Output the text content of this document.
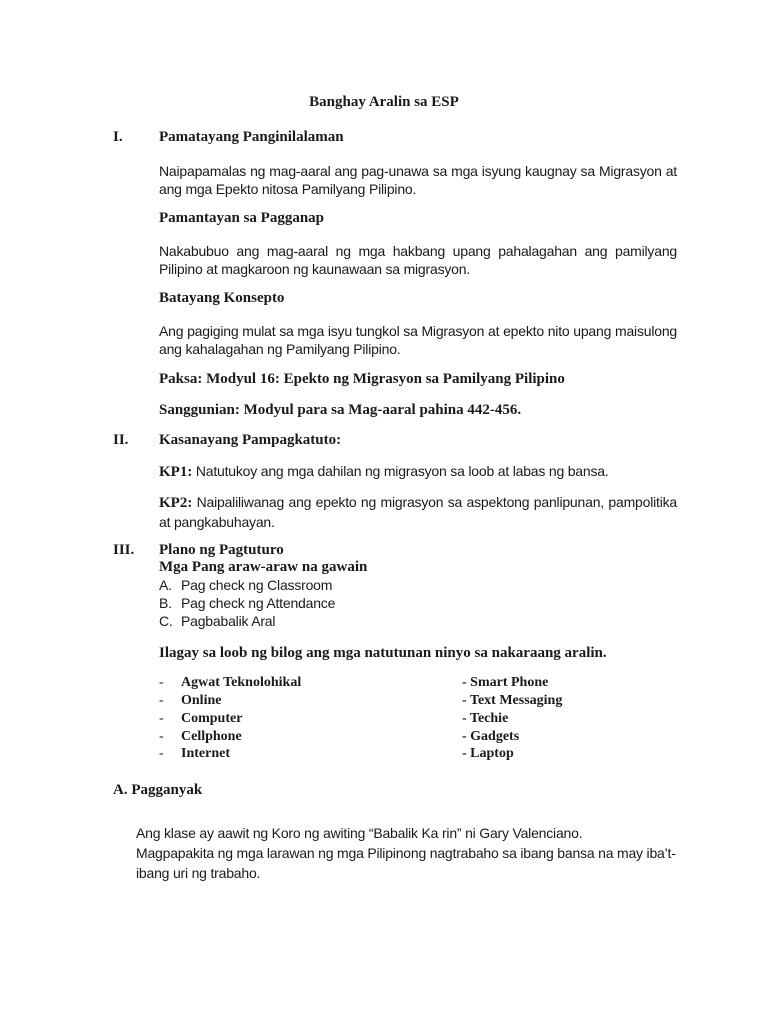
Banghay Aralin sa ESP
I. Pamatayang Panginilalaman
Naipapamalas ng mag-aaral ang pag-unawa sa mga isyung kaugnay sa Migrasyon at ang mga Epekto nitosa Pamilyang Pilipino.
Pamantayan sa Pagganap
Nakabubuo ang mag-aaral ng mga hakbang upang pahalagahan ang pamilyang Pilipino at magkaroon ng kaunawaan sa migrasyon.
Batayang Konsepto
Ang pagiging mulat sa mga isyu tungkol sa Migrasyon at epekto nito upang maisulong ang kahalagahan ng Pamilyang Pilipino.
Paksa: Modyul 16: Epekto ng Migrasyon sa Pamilyang Pilipino
Sanggunian: Modyul para sa Mag-aaral pahina 442-456.
II. Kasanayang Pampagkatuto:
KP1: Natutukoy ang mga dahilan ng migrasyon sa loob at labas ng bansa.
KP2: Naipaliliwanag ang epekto ng migrasyon sa aspektong panlipunan, pampolitika at pangkabuhayan.
III. Plano ng Pagtuturo
Mga Pang araw-araw na gawain
A. Pag check ng Classroom
B. Pag check ng Attendance
C. Pagbabalik Aral
Ilagay sa loob ng bilog ang mga natutunan ninyo sa nakaraang aralin.
- Agwat Teknolohikal
- Online
- Computer
- Cellphone
- Internet
- Smart Phone
- Text Messaging
- Techie
- Gadgets
- Laptop
A. Pagganyak
Ang klase ay aawit ng Koro ng awiting “Babalik Ka rin” ni Gary Valenciano.
Magpapakita ng mga larawan ng mga Pilipinong nagtrabaho sa ibang bansa na may iba’t-
ibang uri ng trabaho.
